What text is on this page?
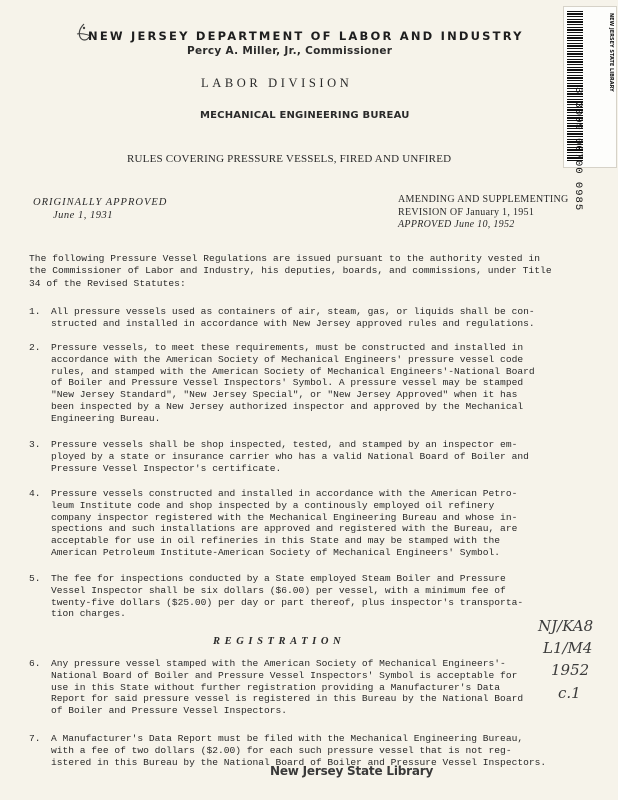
NEW JERSEY DEPARTMENT OF LABOR AND INDUSTRY
Percy A. Miller, Jr., Commissioner
LABOR DIVISION
MECHANICAL ENGINEERING BUREAU
RULES COVERING PRESSURE VESSELS, FIRED AND UNFIRED
ORIGINALLY APPROVED
June 1, 1931
AMENDING AND SUPPLEMENTING
REVISION OF January 1, 1951
APPROVED June 10, 1952
The following Pressure Vessel Regulations are issued pursuant to the authority vested in
the Commissioner of Labor and Industry, his deputies, boards, and commissions, under Title
34 of the Revised Statutes:
1.	All pressure vessels used as containers of air, steam, gas, or liquids shall be con-
structed and installed in accordance with New Jersey approved rules and regulations.
2.	Pressure vessels, to meet these requirements, must be constructed and installed in
accordance with the American Society of Mechanical Engineers' pressure vessel code
rules, and stamped with the American Society of Mechanical Engineers'-National Board
of Boiler and Pressure Vessel Inspectors' Symbol. A pressure vessel may be stamped
"New Jersey Standard", "New Jersey Special", or "New Jersey Approved" when it has
been inspected by a New Jersey authorized inspector and approved by the Mechanical
Engineering Bureau.
3.	Pressure vessels shall be shop inspected, tested, and stamped by an inspector em-
ployed by a state or insurance carrier who has a valid National Board of Boiler and
Pressure Vessel Inspector's certificate.
4.	Pressure vessels constructed and installed in accordance with the American Petro-
leum Institute code and shop inspected by a continously employed oil refinery
company inspector registered with the Mechanical Engineering Bureau and whose in-
spections and such installations are approved and registered with the Bureau, are
acceptable for use in oil refineries in this State and may be stamped with the
American Petroleum Institute-American Society of Mechanical Engineers' Symbol.
5.	The fee for inspections conducted by a State employed Steam Boiler and Pressure
Vessel Inspector shall be six dollars ($6.00) per vessel, with a minimum fee of
twenty-five dollars ($25.00) per day or part thereof, plus inspector's transporta-
tion charges.
REGISTRATION
6.	Any pressure vessel stamped with the American Society of Mechanical Engineers'-
National Board of Boiler and Pressure Vessel Inspectors' Symbol is acceptable for
use in this State without further registration providing a Manufacturer's Data
Report for said pressure vessel is registered in this Bureau by the National Board
of Boiler and Pressure Vessel Inspectors.
7.	A Manufacturer's Data Report must be filed with the Mechanical Engineering Bureau,
with a fee of two dollars ($2.00) for each such pressure vessel that is not reg-
istered in this Bureau by the National Board of Boiler and Pressure Vessel Inspectors.
NJ/KA8
L1/M4
1952
c.1
New Jersey State Library
3 3009 00700 0985
NEW JERSEY STATE LIBRARY
